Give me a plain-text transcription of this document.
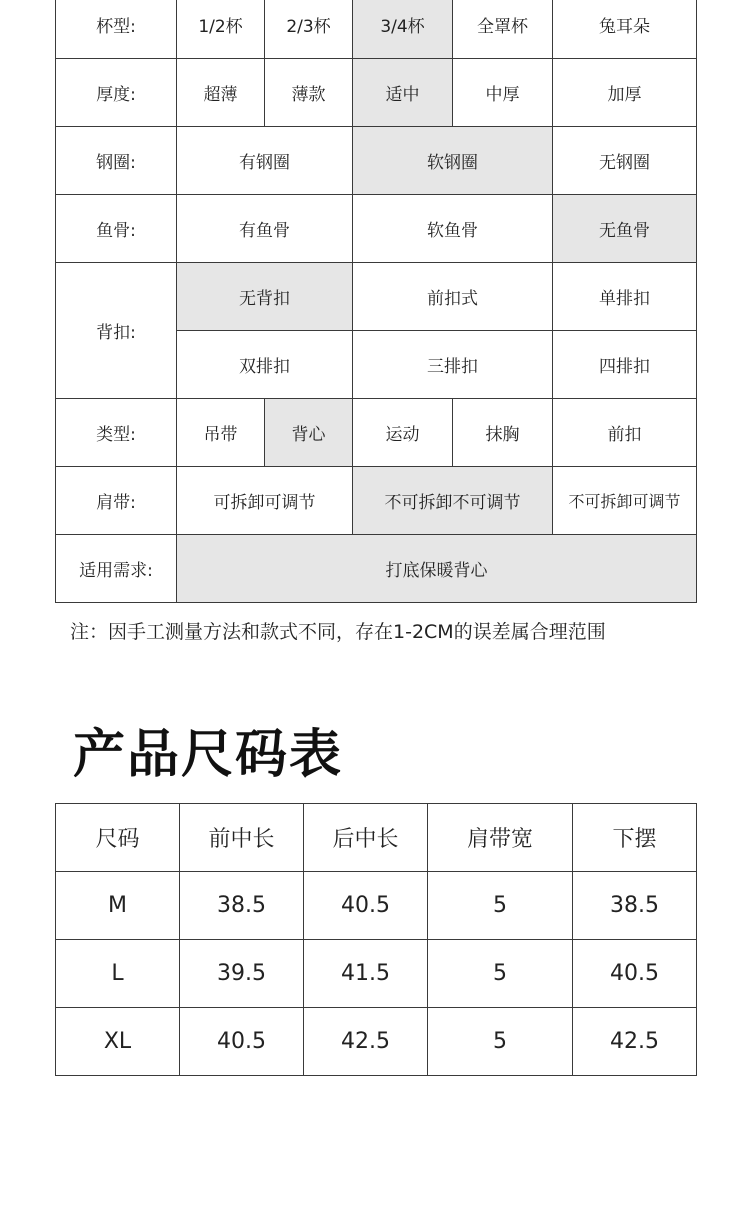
杯型:	1/2杯	2/3杯	3/4杯	全罩杯	兔耳朵
厚度:	超薄	薄款	适中	中厚	加厚
钢圈:	有钢圈		软钢圈		无钢圈
鱼骨:	有鱼骨		软鱼骨		无鱼骨
背扣:	无背扣		前扣式		单排扣
	双排扣		三排扣		四排扣
类型:	吊带	背心	运动	抹胸	前扣
肩带:	可拆卸可调节		不可拆卸不可调节		不可拆卸可调节
适用需求:	打底保暖背心				
注：因手工测量方法和款式不同，存在1-2CM的误差属合理范围
产品尺码表
尺码	前中长	后中长	肩带宽	下摆
M	38.5	40.5	5	38.5
L	39.5	41.5	5	40.5
XL	40.5	42.5	5	42.5
